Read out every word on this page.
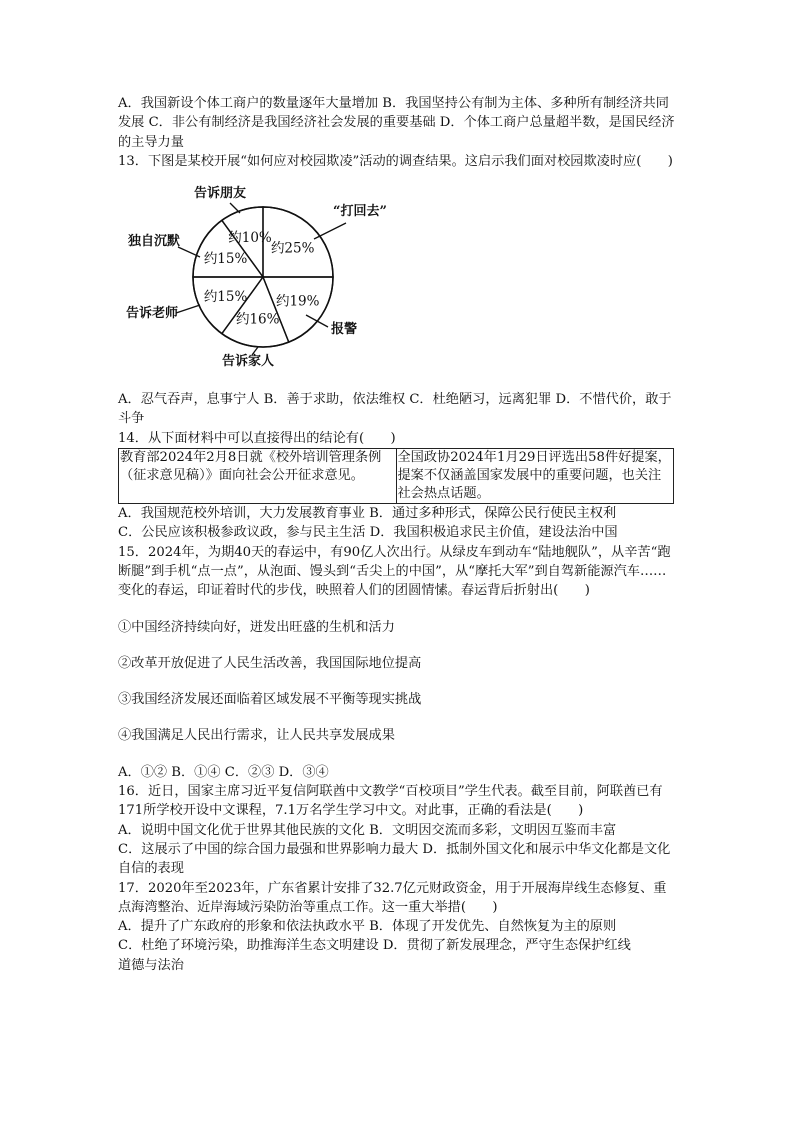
A．我国新设个体工商户的数量逐年大量增加 B．我国坚持公有制为主体、多种所有制经济共同发展 C．非公有制经济是我国经济社会发展的重要基础 D．个体工商户总量超半数，是国民经济的主导力量

13．下图是某校开展“如何应对校园欺凌”活动的调查结果。这启示我们面对校园欺凌时应(　　)

约25%
“打回去”
约19%
报警
约16%
告诉家人
约15%
告诉老师
约15%
独自沉默	约10%
告诉朋友

A．忍气吞声，息事宁人 B．善于求助，依法维权 C．杜绝陋习，远离犯罪 D．不惜代价，敢于斗争

14．从下面材料中可以直接得出的结论有(　　)

教育部2024年2月8日就《校外培训管理条例（征求意见稿）》面向社会公开征求意见。	全国政协2024年1月29日评选出58件好提案，提案不仅涵盖国家发展中的重要问题，也关注社会热点话题。

A．我国规范校外培训，大力发展教育事业 B．通过多种形式，保障公民行使民主权利

C．公民应该积极参政议政，参与民主生活 D．我国积极追求民主价值，建设法治中国

15．2024年，为期40天的春运中，有90亿人次出行。从绿皮车到动车“陆地舰队”，从辛苦“跑断腿”到手机“点一点”，从泡面、馒头到“舌尖上的中国”，从“摩托大军”到自驾新能源汽车……变化的春运，印证着时代的步伐，映照着人们的团圆情愫。春运背后折射出(　　)

①中国经济持续向好，迸发出旺盛的生机和活力

②改革开放促进了人民生活改善，我国国际地位提高

③我国经济发展还面临着区域发展不平衡等现实挑战

④我国满足人民出行需求，让人民共享发展成果

A．①② B．①④ C．②③ D．③④

16．近日，国家主席习近平复信阿联酋中文教学“百校项目”学生代表。截至目前，阿联酋已有171所学校开设中文课程，7.1万名学生学习中文。对此事，正确的看法是(　　)

A．说明中国文化优于世界其他民族的文化 B．文明因交流而多彩，文明因互鉴而丰富

C．这展示了中国的综合国力最强和世界影响力最大 D．抵制外国文化和展示中华文化都是文化自信的表现

17．2020年至2023年，广东省累计安排了32.7亿元财政资金，用于开展海岸线生态修复、重点海湾整治、近岸海域污染防治等重点工作。这一重大举措(　　)

A．提升了广东政府的形象和依法执政水平 B．体现了开发优先、自然恢复为主的原则

C．杜绝了环境污染，助推海洋生态文明建设 D．贯彻了新发展理念，严守生态保护红线

道德与法治
